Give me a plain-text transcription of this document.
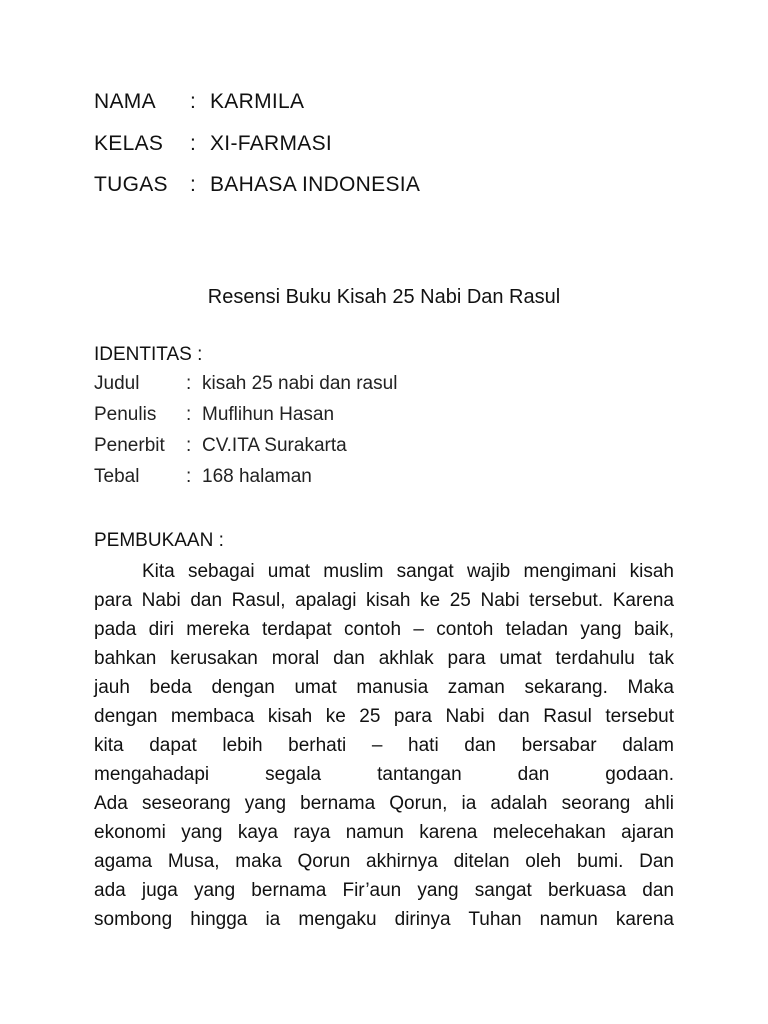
NAMA	: KARMILA
KELAS	: XI-FARMASI
TUGAS	: BAHASA INDONESIA
Resensi Buku Kisah 25 Nabi Dan Rasul
IDENTITAS :
Judul	: kisah 25 nabi dan rasul
Penulis	: Muflihun Hasan
Penerbit	: CV.ITA Surakarta
Tebal	: 168 halaman
PEMBUKAAN :
Kita sebagai umat muslim sangat wajib mengimani kisah
para Nabi dan Rasul, apalagi kisah ke 25 Nabi tersebut. Karena
pada diri mereka terdapat contoh – contoh teladan yang baik,
bahkan kerusakan moral dan akhlak para umat terdahulu tak
jauh beda dengan umat manusia zaman sekarang. Maka
dengan membaca kisah ke 25 para Nabi dan Rasul tersebut
kita dapat lebih berhati – hati dan bersabar dalam
mengahadapi segala tantangan dan godaan.
Ada seseorang yang bernama Qorun, ia adalah seorang ahli
ekonomi yang kaya raya namun karena melecehakan ajaran
agama Musa, maka Qorun akhirnya ditelan oleh bumi. Dan
ada juga yang bernama Fir’aun yang sangat berkuasa dan
sombong hingga ia mengaku dirinya Tuhan namun karena
